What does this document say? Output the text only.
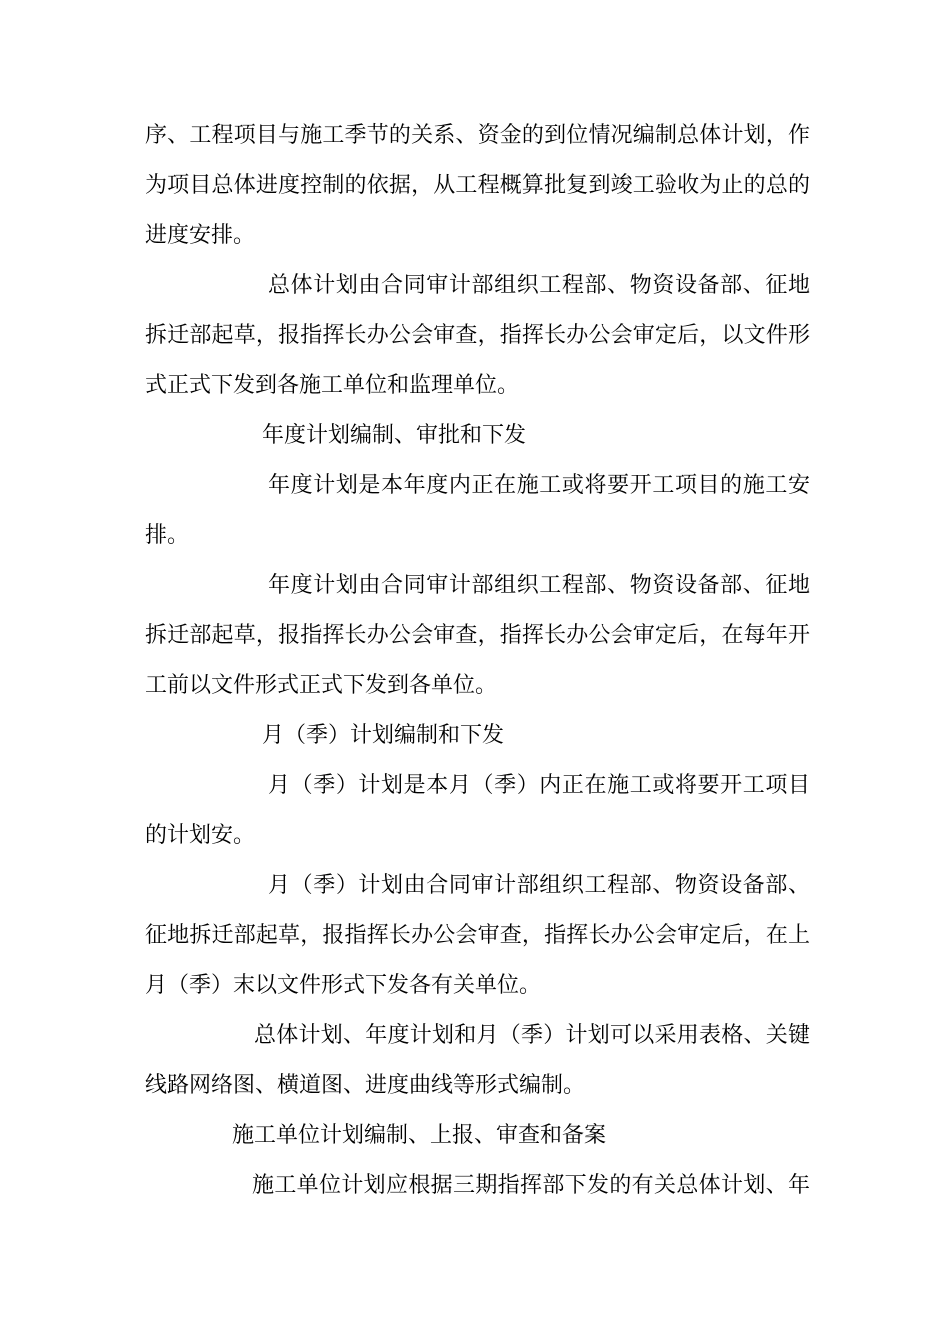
序、工程项目与施工季节的关系、资金的到位情况编制总体计划，作
为项目总体进度控制的依据，从工程概算批复到竣工验收为止的总的
进度安排。
总体计划由合同审计部组织工程部、物资设备部、征地
拆迁部起草，报指挥长办公会审查，指挥长办公会审定后，以文件形
式正式下发到各施工单位和监理单位。
年度计划编制、审批和下发
年度计划是本年度内正在施工或将要开工项目的施工安
排。
年度计划由合同审计部组织工程部、物资设备部、征地
拆迁部起草，报指挥长办公会审查，指挥长办公会审定后，在每年开
工前以文件形式正式下发到各单位。
月（季）计划编制和下发
月（季）计划是本月（季）内正在施工或将要开工项目
的计划安。
月（季）计划由合同审计部组织工程部、物资设备部、
征地拆迁部起草，报指挥长办公会审查，指挥长办公会审定后，在上
月（季）末以文件形式下发各有关单位。
总体计划、年度计划和月（季）计划可以采用表格、关键
线路网络图、横道图、进度曲线等形式编制。
施工单位计划编制、上报、审查和备案
施工单位计划应根据三期指挥部下发的有关总体计划、年
